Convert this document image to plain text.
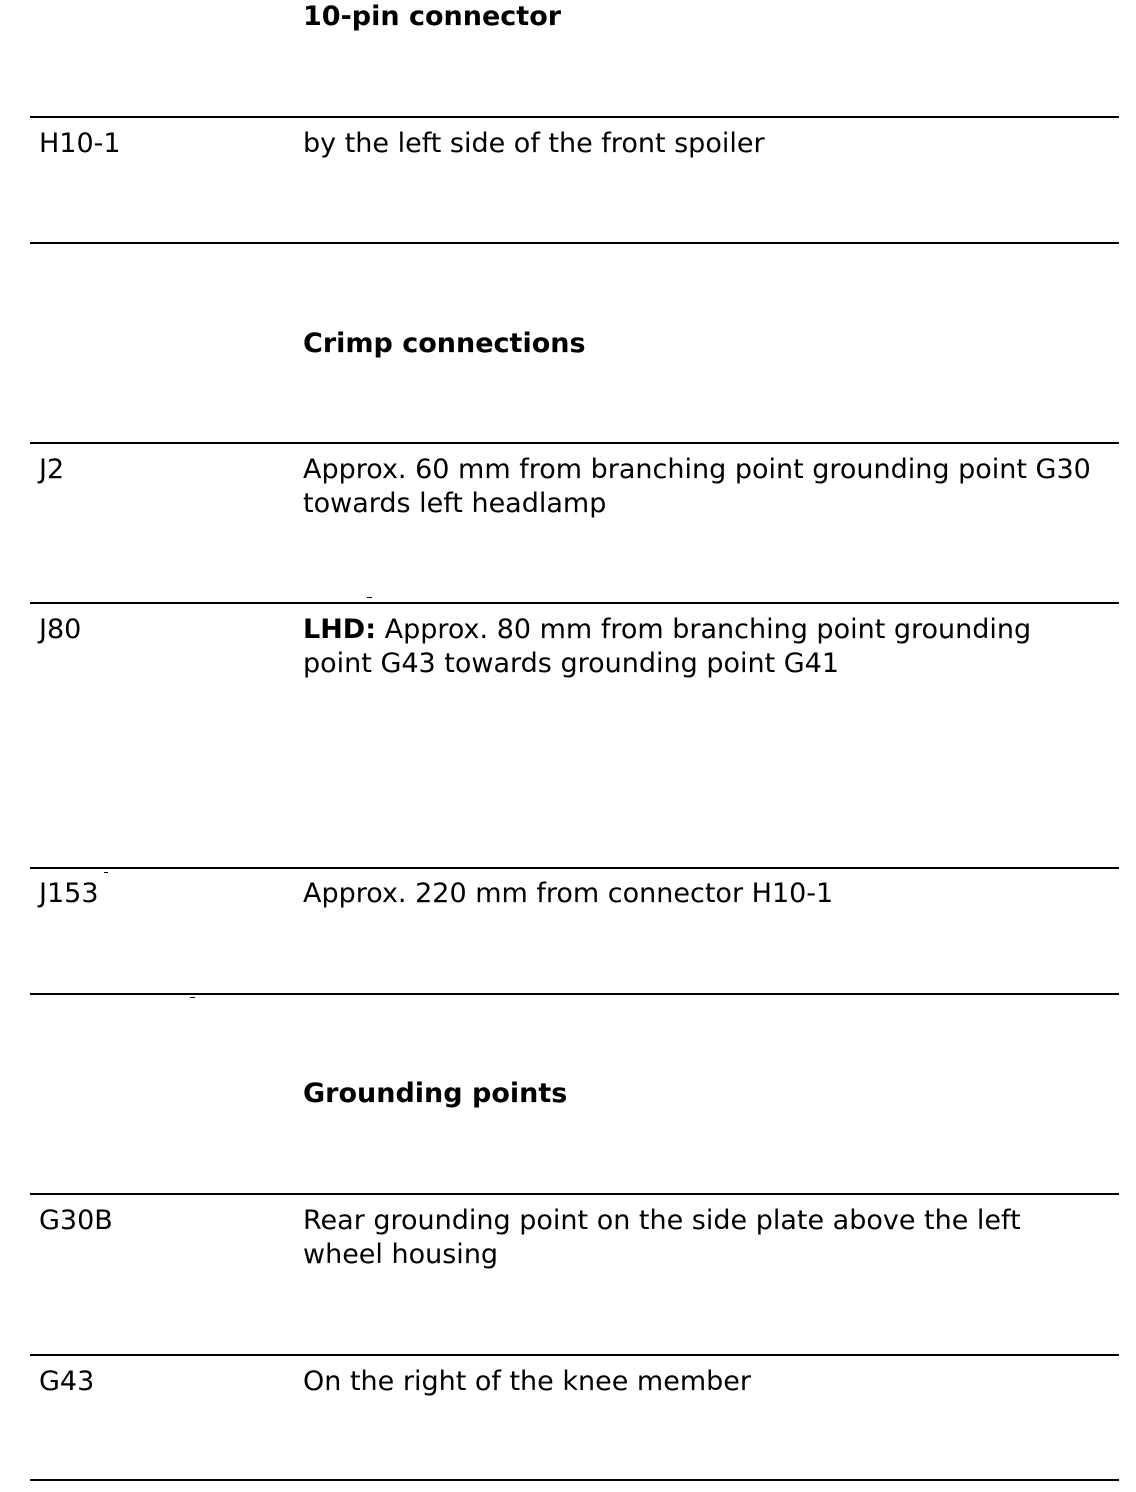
10-pin connector
H10-1	by the left side of the front spoiler
Crimp connections
J2	Approx. 60 mm from branching point grounding point G30 towards left headlamp
J80	LHD: Approx. 80 mm from branching point grounding point G43 towards grounding point G41
J153	Approx. 220 mm from connector H10-1
Grounding points
G30B	Rear grounding point on the side plate above the left wheel housing
G43	On the right of the knee member
